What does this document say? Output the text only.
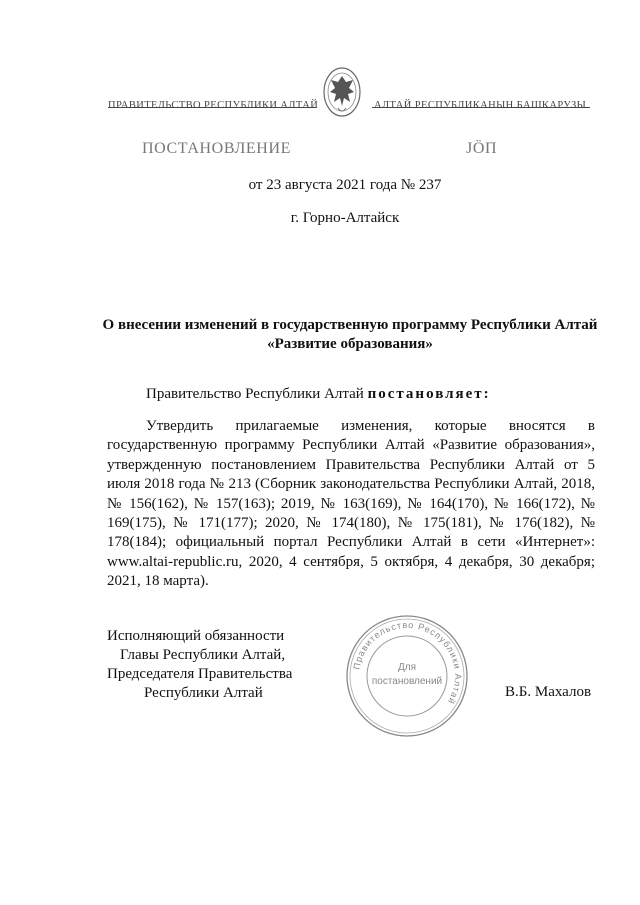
ПРАВИТЕЛЬСТВО РЕСПУБЛИКИ АЛТАЙ	АЛТАЙ РЕСПУБЛИКАНЫН БАШКАРУЗЫ
ПОСТАНОВЛЕНИЕ	ЈӦП
от 23 августа 2021 года № 237
г. Горно-Алтайск
О внесении изменений в государственную программу Республики Алтай «Развитие образования»
Правительство Республики Алтай постановляет:
Утвердить прилагаемые изменения, которые вносятся в государственную программу Республики Алтай «Развитие образования», утвержденную постановлением Правительства Республики Алтай от 5 июля 2018 года № 213 (Сборник законодательства Республики Алтай, 2018, № 156(162), № 157(163); 2019, № 163(169), № 164(170), № 166(172), № 169(175), № 171(177); 2020, № 174(180), № 175(181), № 176(182), № 178(184); официальный портал Республики Алтай в сети «Интернет»: www.altai-republic.ru, 2020, 4 сентября, 5 октября, 4 декабря, 30 декабря; 2021, 18 марта).
Исполняющий обязанности
Главы Республики Алтай,
Председателя Правительства
Республики Алтай
Правительство Республики Алтай
Для
постановлений
В.Б. Махалов
